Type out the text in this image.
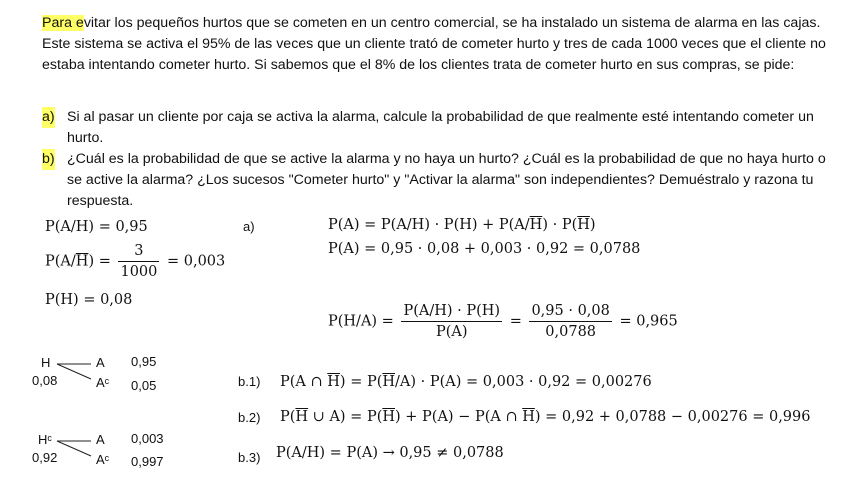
Para evitar los pequeños hurtos que se cometen en un centro comercial, se ha instalado un sistema de alarma en las cajas. Este sistema se activa el 95% de las veces que un cliente trató de cometer hurto y tres de cada 1000 veces que el cliente no estaba intentando cometer hurto. Si sabemos que el 8% de los clientes trata de cometer hurto en sus compras, se pide:

a) Si al pasar un cliente por caja se activa la alarma, calcule la probabilidad de que realmente esté intentando cometer un hurto.
b) ¿Cuál es la probabilidad de que se active la alarma y no haya un hurto? ¿Cuál es la probabilidad de que no haya hurto o se active la alarma? ¿Los sucesos "Cometer hurto" y "Activar la alarma" son independientes? Demuéstralo y razona tu respuesta.
P(A/H) = 0,95
$P(A/\overline{H}) = \frac{3}{1000} = 0,003$
P(H) = 0,08
a)	$P(A) = P(A/H) \cdot P(H) + P(A/\overline{H}) \cdot P(\overline{H})$
P(A) = 0,95 · 0,08 + 0,003 · 0,92 = 0,0788
$P(H/A) = \frac{P(A/H) \cdot P(H)}{P(A)} = \frac{0,95 \cdot 0,08}{0,0788} = 0,965$
H
0,08
A
Aᶜ
0,95
0,05
Hᶜ
0,92
A
Aᶜ
0,003
0,997
b.1) P(A ∩ $\overline{H}) = P(\overline{H}/A) \cdot P(A) = 0,003 \cdot 0,92 = 0,00276$
b.2) $P(\overline{H}$ ∪ $A) = P(\overline{H}) + P(A) - P(A$ ∩ $\overline{H}) = 0,92 + 0,0788 - 0,00276 = 0,996$
b.3) P(A/H) = P(A) → 0,95 ≠ 0,0788
